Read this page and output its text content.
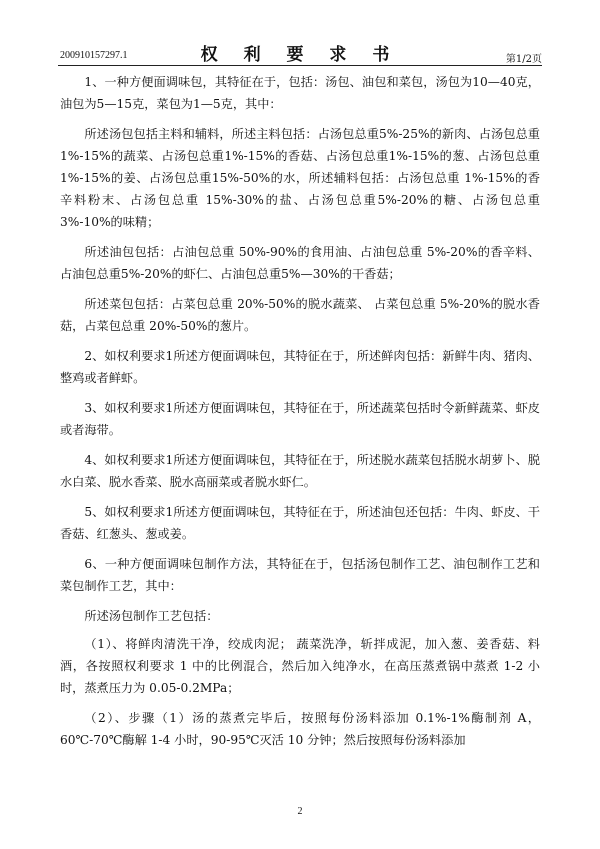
200910157297.1	权 利 要 求 书	第1/2页

1、一种方便面调味包，其特征在于，包括：汤包、油包和菜包，汤包为10—40克，油包为5—15克，菜包为1—5克，其中：

所述汤包包括主料和辅料，所述主料包括：占汤包总重5%-25%的新肉、占汤包总重1%-15%的蔬菜、占汤包总重1%-15%的香菇、占汤包总重1%-15%的葱、占汤包总重1%-15%的姜、占汤包总重15%-50%的水，所述辅料包括：占汤包总重 1%-15%的香辛料粉末、占汤包总重 15%-30%的盐、占汤包总重5%-20%的糖、占汤包总重3%-10%的味精；

所述油包包括：占油包总重 50%-90%的食用油、占油包总重 5%-20%的香辛料、占油包总重5%-20%的虾仁、占油包总重5%—30%的干香菇；

所述菜包包括：占菜包总重 20%-50%的脱水蔬菜、 占菜包总重 5%-20%的脱水香菇，占菜包总重 20%-50%的葱片。

2、如权利要求1所述方便面调味包，其特征在于，所述鲜肉包括：新鲜牛肉、猪肉、整鸡或者鲜虾。

3、如权利要求1所述方便面调味包，其特征在于，所述蔬菜包括时令新鲜蔬菜、虾皮或者海带。

4、如权利要求1所述方便面调味包，其特征在于，所述脱水蔬菜包括脱水胡萝卜、脱水白菜、脱水香菜、脱水高丽菜或者脱水虾仁。

5、如权利要求1所述方便面调味包，其特征在于，所述油包还包括：牛肉、虾皮、干香菇、红葱头、葱或姜。

6、一种方便面调味包制作方法，其特征在于，包括汤包制作工艺、油包制作工艺和菜包制作工艺，其中：

所述汤包制作工艺包括：

（1）、将鲜肉清洗干净，绞成肉泥； 蔬菜洗净，斩拌成泥，加入葱、姜香菇、料酒，各按照权利要求 1 中的比例混合，然后加入纯净水，在高压蒸煮锅中蒸煮 1-2 小时，蒸煮压力为 0.05-0.2MPa；

（2）、步骤（1）汤的蒸煮完毕后，按照每份汤料添加 0.1%-1%酶制剂 A，60℃-70℃酶解 1-4 小时，90-95℃灭活 10 分钟；然后按照每份汤料添加

2
